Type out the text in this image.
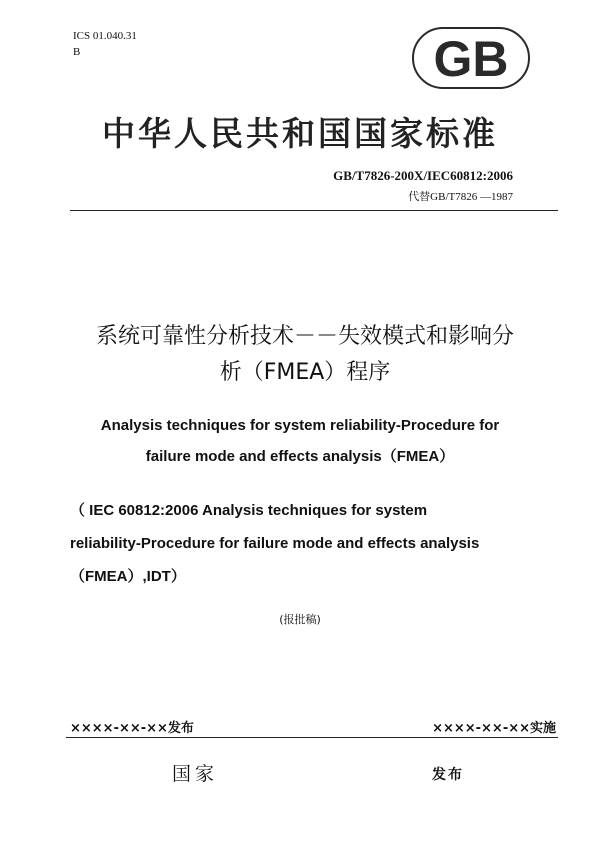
ICS 01.040.31
B	GB
中华人民共和国国家标准
GB/T7826-200X/IEC60812:2006
代替GB/T7826 —1987
系统可靠性分析技术－－失效模式和影响分
析（FMEA）程序
Analysis techniques for system reliability-Procedure for
failure mode and effects analysis（FMEA）
（ IEC 60812:2006 Analysis techniques for system
reliability-Procedure for failure mode and effects analysis
（FMEA）,IDT）
(报批稿)
××××-××-××发布	××××-××-××实施
国家	发布
